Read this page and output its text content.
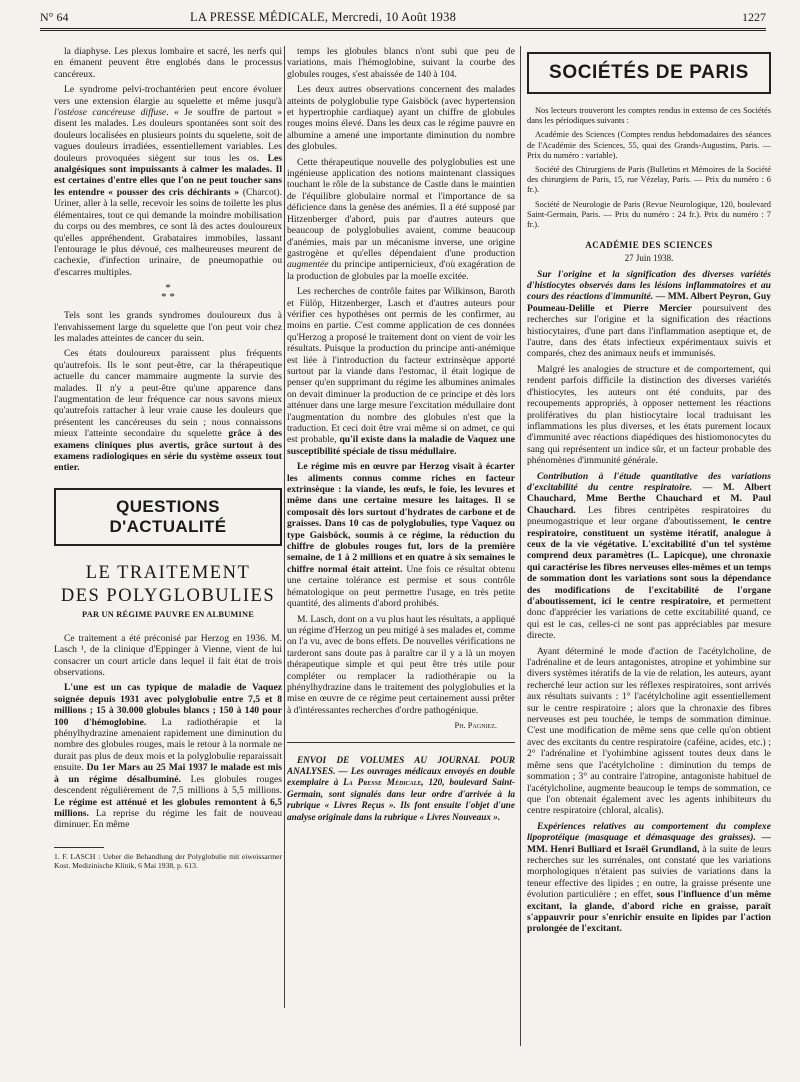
N° 64	LA PRESSE MÉDICALE, Mercredi, 10 Août 1938	1227

la diaphyse. Les plexus lombaire et sacré, les nerfs qui en émanent peuvent être englobés dans le processus cancéreux.

Le syndrome pelvi-trochantérien peut encore évoluer vers une extension élargie au squelette et même jusqu'à l'ostéose cancéreuse diffuse. « Je souffre de partout » disent les malades. Les douleurs spontanées sont soit des douleurs localisées en plusieurs points du squelette, soit de vagues douleurs irradiées, essentiellement variables. Les douleurs provoquées siègent sur tous les os. Les analgésiques sont impuissants à calmer les malades. Il est certaines d'entre elles que l'on ne peut toucher sans les entendre « pousser des cris déchirants » (Charcot). Uriner, aller à la selle, recevoir les soins de toilette les plus élémentaires, tout ce qui demande la moindre mobilisation du corps ou des membres, ce sont là des actes douloureux qu'elles appréhendent. Grabataires immobiles, lassant l'entourage le plus dévoué, ces malheureuses meurent de cachexie, d'infection urinaire, de pneumopathie ou d'escarres multiples.

*
* *

Tels sont les grands syndromes douloureux dus à l'envahissement large du squelette que l'on peut voir chez les malades atteintes de cancer du sein.

Ces états douloureux paraissent plus fréquents qu'autrefois. Ils le sont peut-être, car la thérapeutique actuelle du cancer mammaire augmente la survie des malades. Il n'y a peut-être qu'une apparence dans l'augmentation de leur fréquence car nous savons mieux qu'autrefois rattacher à leur vraie cause les douleurs que présentent les cancéreuses du sein ; nous connaissons mieux l'atteinte secondaire du squelette grâce à des examens cliniques plus avertis, grâce surtout à des examens radiologiques en série du système osseux tout entier.

QUESTIONS D'ACTUALITÉ
LE TRAITEMENT
DES POLYGLOBULIES
PAR UN RÉGIME PAUVRE EN ALBUMINE

Ce traitement a été préconisé par Herzog en 1936. M. Lasch ¹, de la clinique d'Eppinger à Vienne, vient de lui consacrer un court article dans lequel il fait état de trois observations.

L'une est un cas typique de maladie de Vaquez soignée depuis 1931 avec polyglobulie entre 7,5 et 8 millions ; 15 à 30.000 globules blancs ; 150 à 140 pour 100 d'hémoglobine. La radiothérapie et la phénylhydrazine amenaient rapidement une diminution du nombre des globules rouges, mais le retour à la normale ne durait pas plus de deux mois et la polyglobulie reparaissait ensuite. Du 1er Mars au 25 Mai 1937 le malade est mis à un régime désalbuminé. Les globules rouges descendent régulièrement de 7,5 millions à 5,5 millions. Le régime est atténué et les globules remontent à 6,5 millions. La reprise du régime les fait de nouveau diminuer. En même

1. F. LASCH : Ueber die Behandlung der Polyglobulie mit eiweissarmer Kost. Medizinische Klinik, 6 Mai 1938, p. 613.

temps les globules blancs n'ont subi que peu de variations, mais l'hémoglobine, suivant la courbe des globules rouges, s'est abaissée de 140 à 104.

Les deux autres observations concernent des malades atteints de polyglobulie type Gaisböck (avec hypertension et hypertrophie cardiaque) ayant un chiffre de globules rouges moins élevé. Dans les deux cas le régime pauvre en albumine a amené une importante diminution du nombre des globules.

Cette thérapeutique nouvelle des polyglobulies est une ingénieuse application des notions maintenant classiques touchant le rôle de la substance de Castle dans le maintien de l'équilibre globulaire normal et l'importance de sa déficience dans la genèse des anémies. Il a été supposé par Hitzenberger d'abord, puis par d'autres auteurs que beaucoup de polyglobulies avaient, comme beaucoup d'anémies, mais par un mécanisme inverse, une origine gastrogène et qu'elles dépendaient d'une production augmentée du principe antipernicieux, d'où exagération de la production de globules par la moelle excitée.

Les recherches de contrôle faites par Wilkinson, Baroth et Fülöp, Hitzenberger, Lasch et d'autres auteurs pour vérifier ces hypothèses ont permis de les confirmer, au moins en partie. C'est comme application de ces données qu'Herzog a proposé le traitement dont on vient de voir les résultats. Puisque la production du principe anti-anémique est liée à l'introduction du facteur extrinsèque apporté surtout par la viande dans l'estomac, il était logique de penser qu'en supprimant du régime les albumines animales on devait diminuer la production de ce principe et dès lors atténuer dans une large mesure l'excitation médullaire dont l'augmentation du nombre des globules n'est que la traduction. Et ceci doit être vrai même si on admet, ce qui est probable, qu'il existe dans la maladie de Vaquez une susceptibilité spéciale de tissu médullaire.

Le régime mis en œuvre par Herzog visait à écarter les aliments connus comme riches en facteur extrinsèque : la viande, les œufs, le foie, les levures et même dans une certaine mesure les laitages. Il se composait dès lors surtout d'hydrates de carbone et de graisses. Dans 10 cas de polyglobulies, type Vaquez ou type Gaisböck, soumis à ce régime, la réduction du chiffre de globules rouges fut, lors de la première semaine, de 1 à 2 millions et en quatre à six semaines le chiffre normal était atteint. Une fois ce résultat obtenu une certaine tolérance est permise et sous contrôle hématologique on peut permettre l'usage, en très petite quantité, des aliments d'abord prohibés.

M. Lasch, dont on a vu plus haut les résultats, a appliqué un régime d'Herzog un peu mitigé à ses malades et, comme on l'a vu, avec de bons effets. De nouvelles vérifications ne tarderont sans doute pas à paraître car il y a là un moyen thérapeutique simple et qui peut être très utile pour compléter ou remplacer la radiothérapie ou la phénylhydrazine dans le traitement des polyglobulies et la mise en œuvre de ce régime peut certainement aussi prêter à d'intéressantes recherches d'ordre pathogénique.

Ph. Pagniez.

ENVOI DE VOLUMES AU JOURNAL POUR ANALYSES. — Les ouvrages médicaux envoyés en double exemplaire à La Presse Médicale, 120, boulevard Saint-Germain, sont signalés dans leur ordre d'arrivée à la rubrique « Livres Reçus ». Ils font ensuite l'objet d'une analyse originale dans la rubrique « Livres Nouveaux ».

SOCIÉTÉS DE PARIS

Nos lecteurs trouveront les comptes rendus in extenso de ces Sociétés dans les périodiques suivants :

Académie des Sciences (Comptes rendus hebdomadaires des séances de l'Académie des Sciences, 55, quai des Grands-Augustins, Paris. — Prix du numéro : variable).

Société des Chirurgiens de Paris (Bulletins et Mémoires de la Société des chirurgiens de Paris, 15, rue Vézelay, Paris. — Prix du numéro : 6 fr.).

Société de Neurologie de Paris (Revue Neurologique, 120, boulevard Saint-Germain, Paris. — Prix du numéro : 24 fr.). Prix du numéro : 7 fr.).

ACADÉMIE DES SCIENCES

27 Juin 1938.

Sur l'origine et la signification des diverses variétés d'histiocytes observés dans les lésions inflammatoires et au cours des réactions d'immunité. — MM. Albert Peyron, Guy Poumeau-Delille et Pierre Mercier poursuivent des recherches sur l'origine et la signification des réactions histiocytaires, d'une part dans l'inflammation aseptique et, de l'autre, dans des états infectieux expérimentaux suivis et comparés, chez des animaux neufs et immunisés.

Malgré les analogies de structure et de comportement, qui rendent parfois difficile la distinction des diverses variétés d'histiocytes, les auteurs ont été conduits, par des recoupements appropriés, à opposer nettement les réactions prolifératives du plan histiocytaire local traduisant les inflammations les plus diverses, et les états purement locaux d'immunité avec réactions diapédiques des histiomonocytes du sang qui représentent un indice sûr, et un facteur probable des phénomènes d'immunité générale.

Contribution à l'étude quantitative des variations d'excitabilité du centre respiratoire. — M. Albert Chauchard, Mme Berthe Chauchard et M. Paul Chauchard. Les fibres centripètes respiratoires du pneumogastrique et leur organe d'aboutissement, le centre respiratoire, constituent un système itératif, analogue à ceux de la vie végétative. L'excitabilité d'un tel système comprend deux paramètres (L. Lapicque), une chronaxie qui caractérise les fibres nerveuses elles-mêmes et un temps de sommation dont les variations sont sous la dépendance des modifications de l'excitabilité de l'organe d'aboutissement, ici le centre respiratoire, et permettent donc d'apprécier les variations de cette excitabilité quand, ce qui est le cas, celles-ci ne sont pas appréciables par mesure directe.

Ayant déterminé le mode d'action de l'acétylcholine, de l'adrénaline et de leurs antagonistes, atropine et yohimbine sur divers systèmes itératifs de la vie de relation, les auteurs, ayant recherché leur action sur les réflexes respiratoires, sont arrivés aux résultats suivants : 1° l'acétylcholine agit essentiellement sur le centre respiratoire ; alors que la chronaxie des fibres nerveuses est peu touchée, le temps de sommation diminue. C'est une modification de même sens que celle qu'on obtient avec des excitants du centre respiratoire (caféine, acides, etc.) ; 2° l'adrénaline et l'yohimbine agissent toutes deux dans le même sens que l'acétylcholine : diminution du temps de sommation ; 3° au contraire l'atropine, antagoniste habituel de l'acétylcholine, augmente beaucoup le temps de sommation, ce que l'on obtenait également avec les agents inhibiteurs du centre respiratoire (chloral, alcalis).

Expériences relatives au comportement du complexe lipoprotéique (masquage et démasquage des graisses). — MM. Henri Bulliard et Israël Grundland, à la suite de leurs recherches sur les surrénales, ont constaté que les variations morphologiques n'étaient pas suivies de variations dans la teneur effective des lipides ; en outre, la graisse présente une évolution particulière ; en effet, sous l'influence d'un même excitant, la glande, d'abord riche en graisse, paraît s'appauvrir pour s'enrichir ensuite en lipides par l'action prolongée de l'excitant.
